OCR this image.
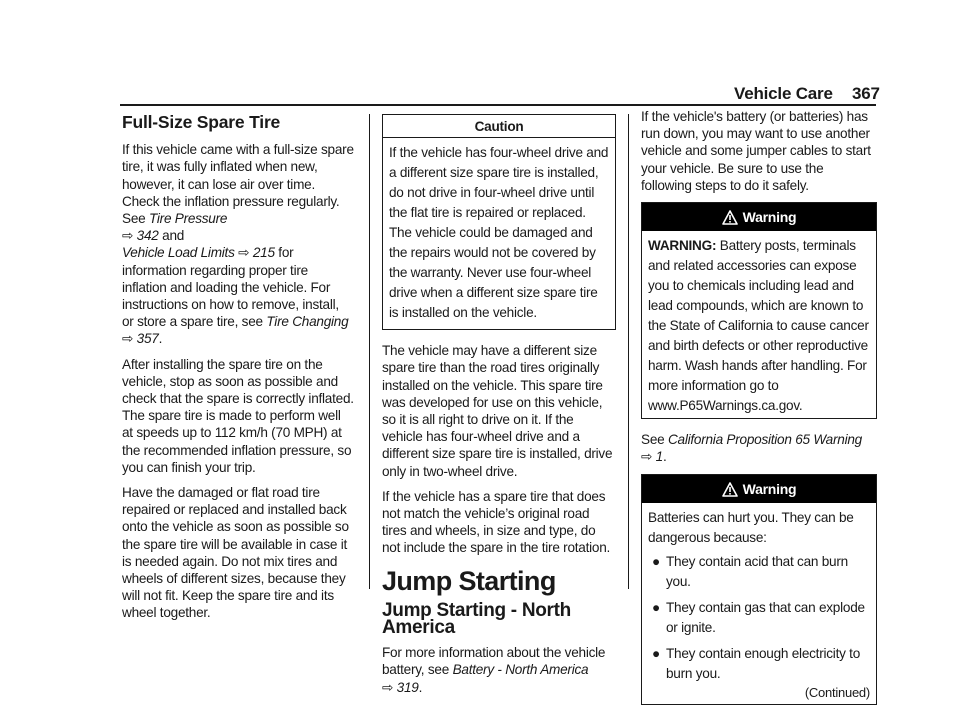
Vehicle Care 367
Full-Size Spare Tire

If this vehicle came with a full-size spare tire, it was fully inflated when new, however, it can lose air over time. Check the inflation pressure regularly. See Tire Pressure
⇨ 342 and
Vehicle Load Limits ⇨ 215 for information regarding proper tire inflation and loading the vehicle. For instructions on how to remove, install, or store a spare tire, see Tire Changing ⇨ 357.

After installing the spare tire on the vehicle, stop as soon as possible and check that the spare is correctly inflated. The spare tire is made to perform well at speeds up to 112 km/h (70 MPH) at the recommended inflation pressure, so you can finish your trip.

Have the damaged or flat road tire repaired or replaced and installed back onto the vehicle as soon as possible so the spare tire will be available in case it is needed again. Do not mix tires and wheels of different sizes, because they will not fit. Keep the spare tire and its wheel together.

Caution
If the vehicle has four-wheel drive and a different size spare tire is installed, do not drive in four-wheel drive until the flat tire is repaired or replaced. The vehicle could be damaged and the repairs would not be covered by the warranty. Never use four-wheel drive when a different size spare tire is installed on the vehicle.

The vehicle may have a different size spare tire than the road tires originally installed on the vehicle. This spare tire was developed for use on this vehicle, so it is all right to drive on it. If the vehicle has four-wheel drive and a different size spare tire is installed, drive only in two-wheel drive.

If the vehicle has a spare tire that does not match the vehicle’s original road tires and wheels, in size and type, do not include the spare in the tire rotation.

Jump Starting
Jump Starting - North America

For more information about the vehicle battery, see Battery - North America ⇨ 319.

If the vehicle's battery (or batteries) has run down, you may want to use another vehicle and some jumper cables to start your vehicle. Be sure to use the following steps to do it safely.

Warning
WARNING: Battery posts, terminals and related accessories can expose you to chemicals including lead and lead compounds, which are known to the State of California to cause cancer and birth defects or other reproductive harm. Wash hands after handling. For more information go to www.P65Warnings.ca.gov.

See California Proposition 65 Warning ⇨ 1.

Warning
Batteries can hurt you. They can be dangerous because:
● They contain acid that can burn you.
● They contain gas that can explode or ignite.
● They contain enough electricity to burn you.
(Continued)
